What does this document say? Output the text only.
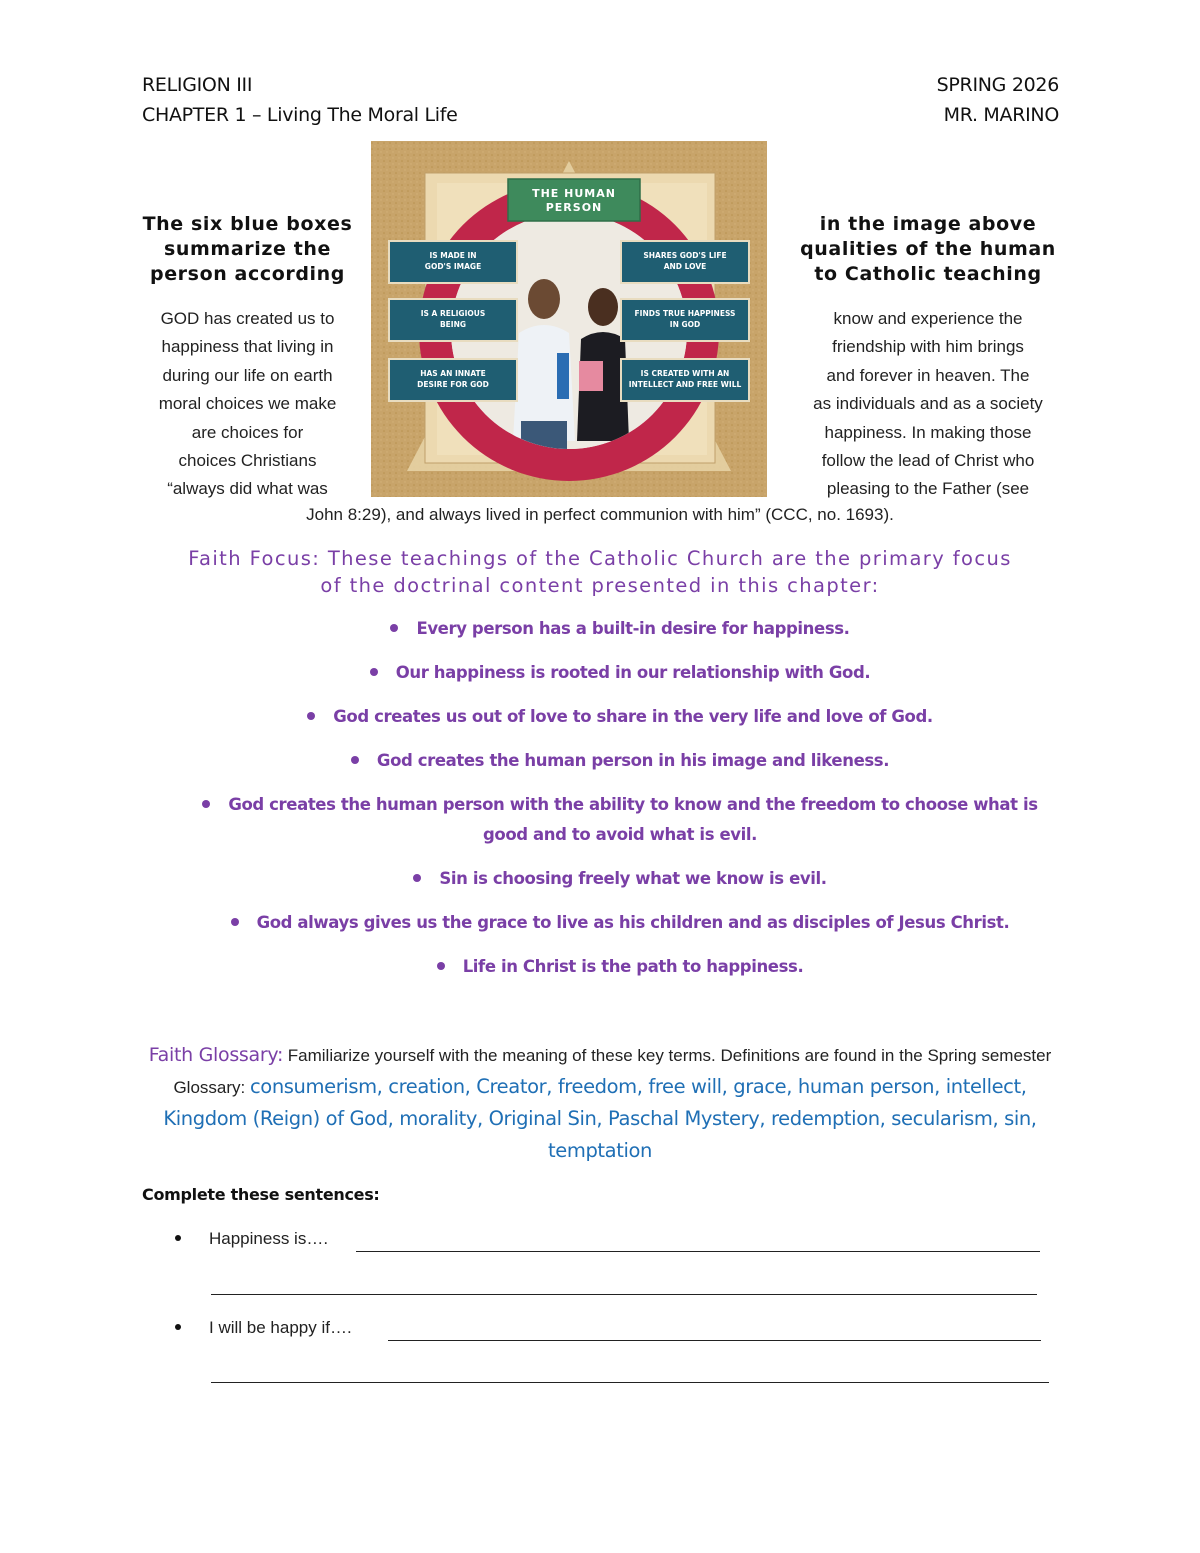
RELIGION III	SPRING 2026
CHAPTER 1 – Living The Moral Life	MR. MARINO
THE HUMAN
PERSON
IS MADE IN
GOD'S IMAGE
SHARES GOD'S LIFE
AND LOVE
IS A RELIGIOUS
BEING
FINDS TRUE HAPPINESS
IN GOD
HAS AN INNATE
DESIRE FOR GOD
IS CREATED WITH AN
INTELLECT AND FREE WILL
The six blue boxes
summarize the
person according
in the image above
qualities of the human
to Catholic teaching
GOD has created us to
happiness that living in
during our life on earth
moral choices we make
are choices for
choices Christians
“always did what was
know and experience the
friendship with him brings
and forever in heaven. The
as individuals and as a society
happiness. In making those
follow the lead of Christ who
pleasing to the Father (see
John 8:29), and always lived in perfect communion with him” (CCC, no. 1693).
Faith Focus: These teachings of the Catholic Church are the primary focus
of the doctrinal content presented in this chapter:
Every person has a built-in desire for happiness.
Our happiness is rooted in our relationship with God.
God creates us out of love to share in the very life and love of God.
God creates the human person in his image and likeness.
God creates the human person with the ability to know and the freedom to choose what is good and to avoid what is evil.
Sin is choosing freely what we know is evil.
God always gives us the grace to live as his children and as disciples of Jesus Christ.
Life in Christ is the path to happiness.
Faith Glossary: Familiarize yourself with the meaning of these key terms. Definitions are found in the Spring semester Glossary: consumerism, creation, Creator, freedom, free will, grace, human person, intellect, Kingdom (Reign) of God, morality, Original Sin, Paschal Mystery, redemption, secularism, sin, temptation
Complete these sentences:
Happiness is….
I will be happy if….
